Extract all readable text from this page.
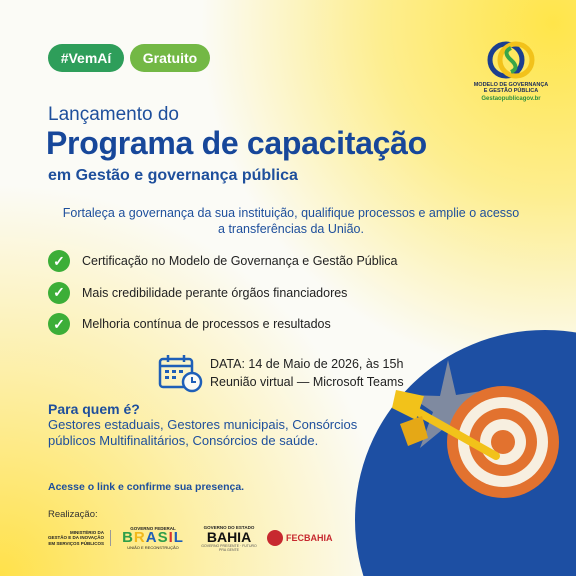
#VemAí Gratuito
MODELO DE GOVERNANÇA
E GESTÃO PÚBLICA
Gestaopublicagov.br
Lançamento do
Programa de capacitação
em Gestão e governança pública
Fortaleça a governança da sua instituição, qualifique processos e amplie o acesso a transferências da União.
✓	Certificação no Modelo de Governança e Gestão Pública
✓	Mais credibilidade perante órgãos financiadores
✓	Melhoria contínua de processos e resultados
DATA: 14 de Maio de 2026, às 15h
Reunião virtual — Microsoft Teams
Para quem é?
Gestores estaduais, Gestores municipais, Consórcios públicos Multifinalitários, Consórcios de saúde.
Acesse o link e confirme sua presença.
Realização:
MINISTÉRIO DA
GESTÃO E DA INOVAÇÃO
EM SERVIÇOS PÚBLICOS
GOVERNO FEDERAL
BRASIL
UNIÃO E RECONSTRUÇÃO
GOVERNO DO ESTADO
BAHIA
GOVERNO PRESENTE · FUTURO PRA GENTE
FECBAHIA
